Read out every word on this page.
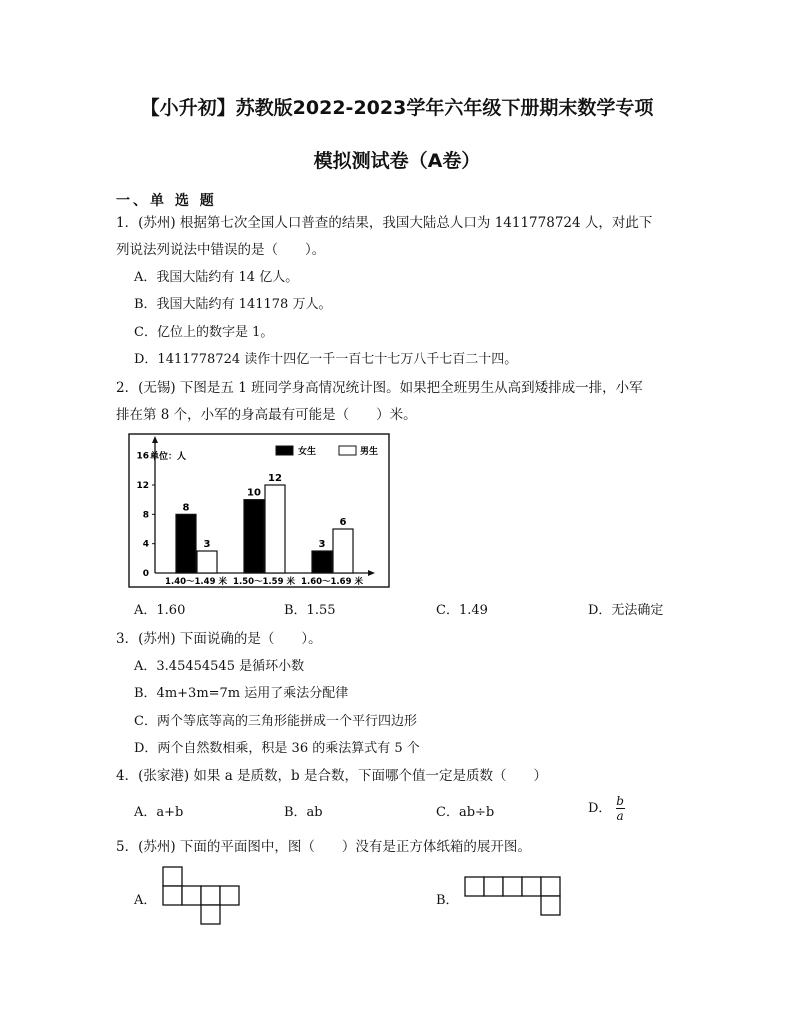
【小升初】苏教版2022-2023学年六年级下册期末数学专项
模拟测试卷（A卷）
一、单 选 题
1．(苏州) 根据第七次全国人口普查的结果，我国大陆总人口为 1411778724 人，对此下
列说法列说法中错误的是（　　）。
A．我国大陆约有 14 亿人。
B．我国大陆约有 141178 万人。
C．亿位上的数字是 1。
D．1411778724 读作十四亿一千一百七十七万八千七百二十四。
2．(无锡) 下图是五 1 班同学身高情况统计图。如果把全班男生从高到矮排成一排，小军
排在第 8 个，小军的身高最有可能是（　　）米。
单位：人	女生	男生
0
4
8
12
16
8
3
10
12
3
6
1.40～1.49 米 1.50～1.59 米 1.60～1.69 米
A．1.60	B．1.55	C．1.49	D．无法确定
3．(苏州) 下面说确的是（　　）。
A．3.45454545 是循环小数
B．4m+3m=7m 运用了乘法分配律
C．两个等底等高的三角形能拼成一个平行四边形
D．两个自然数相乘，积是 36 的乘法算式有 5 个
4．(张家港) 如果 a 是质数，b 是合数，下面哪个值一定是质数（　　）
A．a+b	B．ab	C．ab÷b	D． $\frac{b}{a}$
5．(苏州) 下面的平面图中，图（　　）没有是正方体纸箱的展开图。
A．	B．
